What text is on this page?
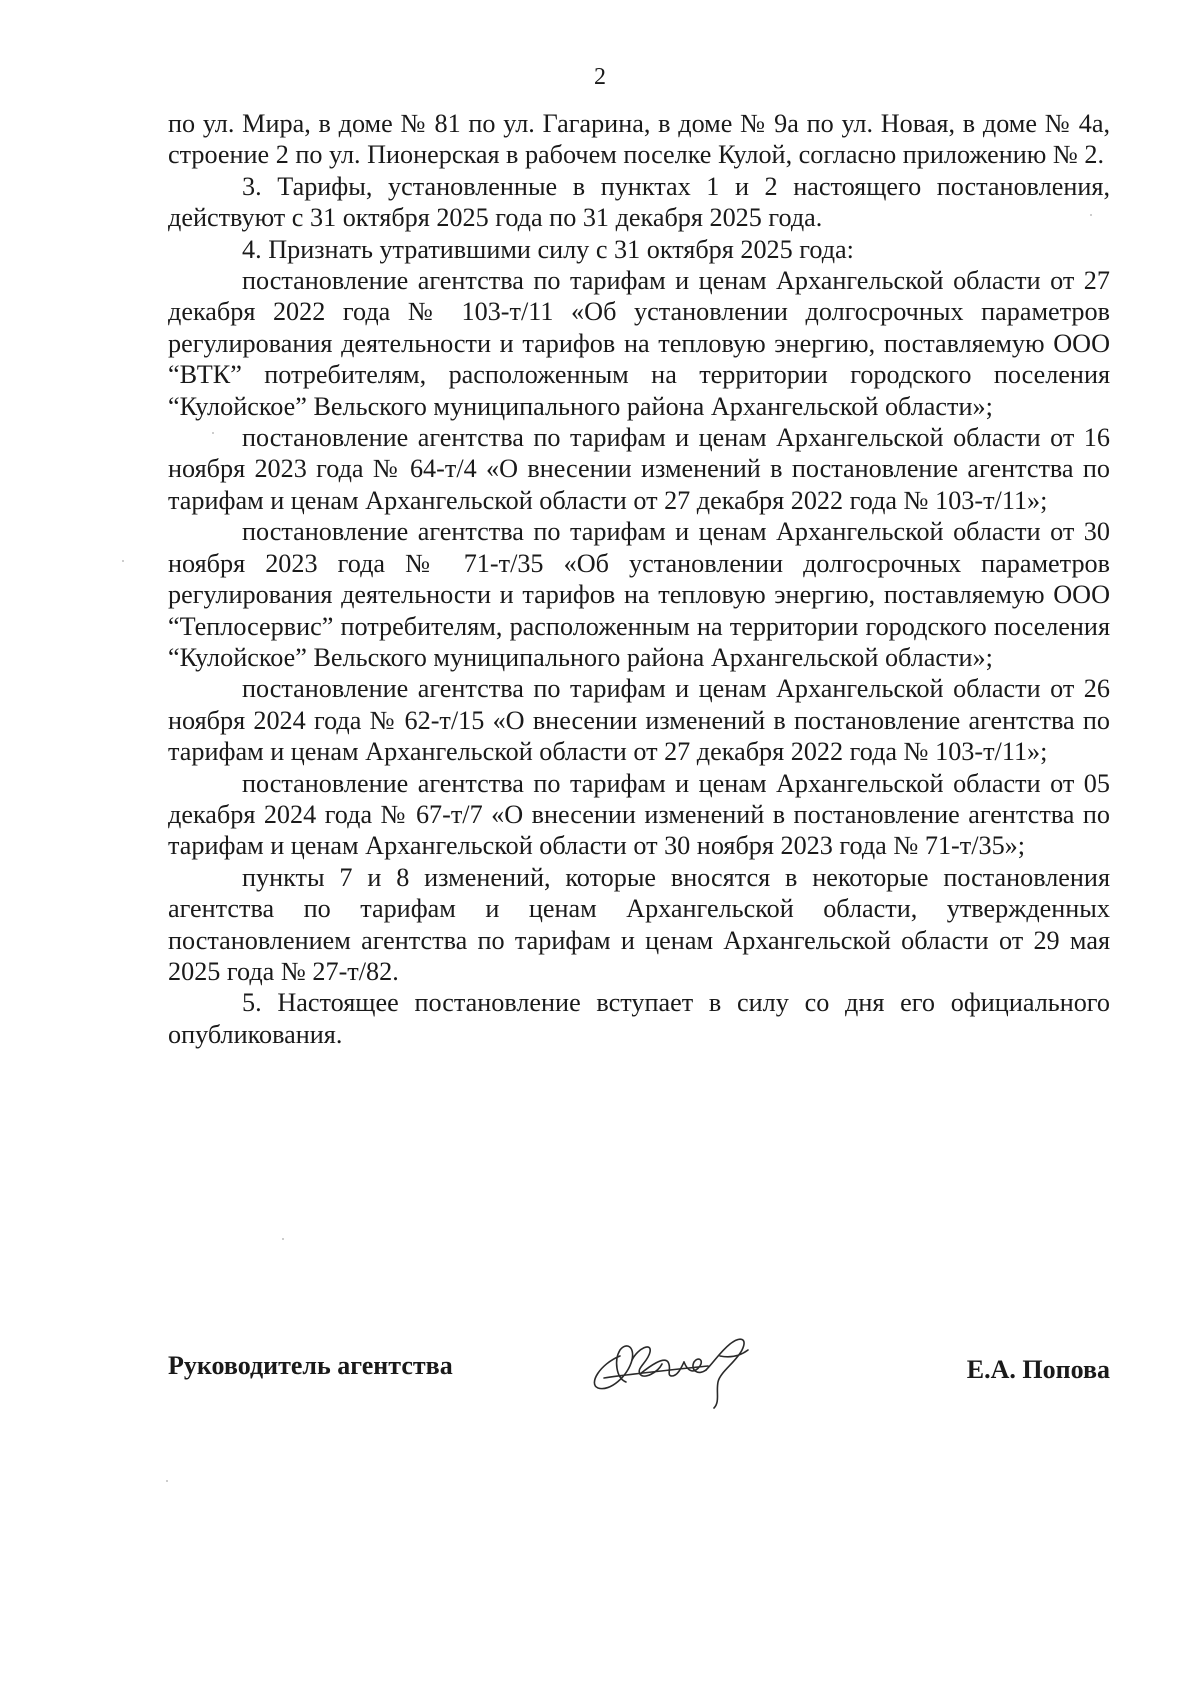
2

по ул. Мира, в доме № 81 по ул. Гагарина, в доме № 9а по ул. Новая, в доме № 4а, строение 2 по ул. Пионерская в рабочем поселке Кулой, согласно приложению № 2.

3. Тарифы, установленные в пунктах 1 и 2 настоящего постановления, действуют с 31 октября 2025 года по 31 декабря 2025 года.

4. Признать утратившими силу с 31 октября 2025 года:

постановление агентства по тарифам и ценам Архангельской области от 27 декабря 2022 года № 103-т/11 «Об установлении долгосрочных параметров регулирования деятельности и тарифов на тепловую энергию, поставляемую ООО “ВТК” потребителям, расположенным на территории городского поселения “Кулойское” Вельского муниципального района Архангельской области»;

постановление агентства по тарифам и ценам Архангельской области от 16 ноября 2023 года № 64-т/4 «О внесении изменений в постановление агентства по тарифам и ценам Архангельской области от 27 декабря 2022 года № 103-т/11»;

постановление агентства по тарифам и ценам Архангельской области от 30 ноября 2023 года № 71-т/35 «Об установлении долгосрочных параметров регулирования деятельности и тарифов на тепловую энергию, поставляемую ООО “Теплосервис” потребителям, расположенным на территории городского поселения “Кулойское” Вельского муниципального района Архангельской области»;

постановление агентства по тарифам и ценам Архангельской области от 26 ноября 2024 года № 62-т/15 «О внесении изменений в постановление агентства по тарифам и ценам Архангельской области от 27 декабря 2022 года № 103-т/11»;

постановление агентства по тарифам и ценам Архангельской области от 05 декабря 2024 года № 67-т/7 «О внесении изменений в постановление агентства по тарифам и ценам Архангельской области от 30 ноября 2023 года № 71-т/35»;

пункты 7 и 8 изменений, которые вносятся в некоторые постановления агентства по тарифам и ценам Архангельской области, утвержденных постановлением агентства по тарифам и ценам Архангельской области от 29 мая 2025 года № 27-т/82.

5. Настоящее постановление вступает в силу со дня его официального опубликования.

Руководитель агентства	Е.А. Попова
